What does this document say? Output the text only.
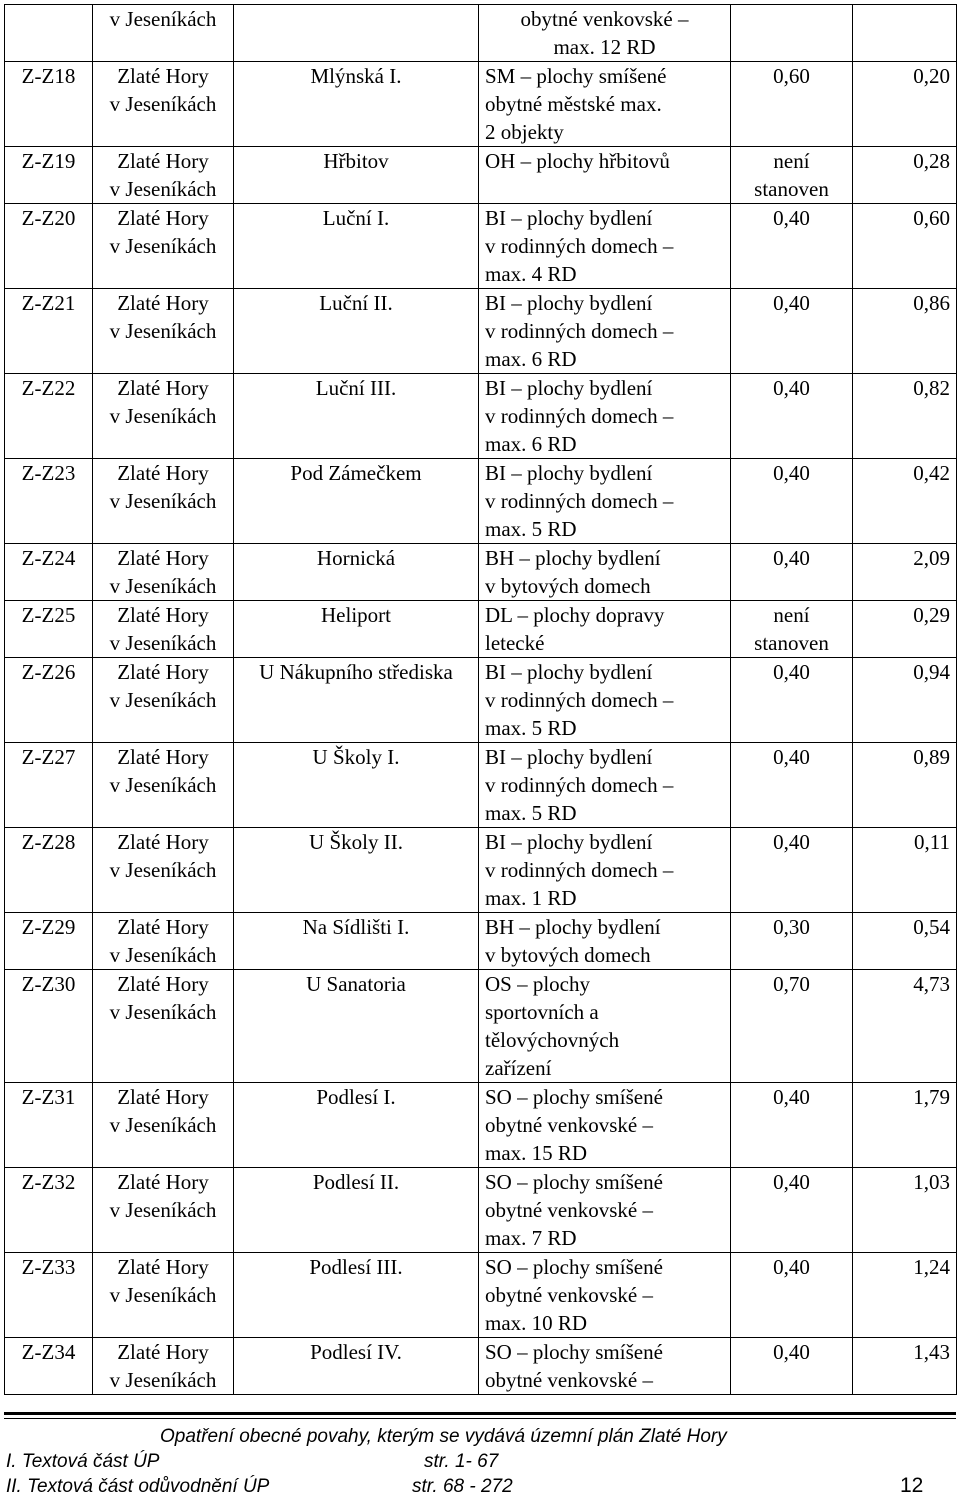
	v Jeseníkách		obytné venkovské –
max. 12 RD		
Z-Z18	Zlaté Hory
v Jeseníkách	Mlýnská I.	SM – plochy smíšené
obytné městské max.
2 objekty	0,60	0,20
Z-Z19	Zlaté Hory
v Jeseníkách	Hřbitov	OH – plochy hřbitovů	není
stanoven	0,28
Z-Z20	Zlaté Hory
v Jeseníkách	Luční I.	BI – plochy bydlení
v rodinných domech –
max. 4 RD	0,40	0,60
Z-Z21	Zlaté Hory
v Jeseníkách	Luční II.	BI – plochy bydlení
v rodinných domech –
max. 6 RD	0,40	0,86
Z-Z22	Zlaté Hory
v Jeseníkách	Luční III.	BI – plochy bydlení
v rodinných domech –
max. 6 RD	0,40	0,82
Z-Z23	Zlaté Hory
v Jeseníkách	Pod Zámečkem	BI – plochy bydlení
v rodinných domech –
max. 5 RD	0,40	0,42
Z-Z24	Zlaté Hory
v Jeseníkách	Hornická	BH – plochy bydlení
v bytových domech	0,40	2,09
Z-Z25	Zlaté Hory
v Jeseníkách	Heliport	DL – plochy dopravy
letecké	není
stanoven	0,29
Z-Z26	Zlaté Hory
v Jeseníkách	U Nákupního střediska	BI – plochy bydlení
v rodinných domech –
max. 5 RD	0,40	0,94
Z-Z27	Zlaté Hory
v Jeseníkách	U Školy I.	BI – plochy bydlení
v rodinných domech –
max. 5 RD	0,40	0,89
Z-Z28	Zlaté Hory
v Jeseníkách	U Školy II.	BI – plochy bydlení
v rodinných domech –
max. 1 RD	0,40	0,11
Z-Z29	Zlaté Hory
v Jeseníkách	Na Sídlišti I.	BH – plochy bydlení
v bytových domech	0,30	0,54
Z-Z30	Zlaté Hory
v Jeseníkách	U Sanatoria	OS – plochy
sportovních a
tělovýchovných
zařízení	0,70	4,73
Z-Z31	Zlaté Hory
v Jeseníkách	Podlesí I.	SO – plochy smíšené
obytné venkovské –
max. 15 RD	0,40	1,79
Z-Z32	Zlaté Hory
v Jeseníkách	Podlesí II.	SO – plochy smíšené
obytné venkovské –
max. 7 RD	0,40	1,03
Z-Z33	Zlaté Hory
v Jeseníkách	Podlesí III.	SO – plochy smíšené
obytné venkovské –
max. 10 RD	0,40	1,24
Z-Z34	Zlaté Hory
v Jeseníkách	Podlesí IV.	SO – plochy smíšené
obytné venkovské –	0,40	1,43
Opatření obecné povahy, kterým se vydává územní plán Zlaté Hory
I. Textová část ÚP	str. 1- 67
II. Textová část odůvodnění ÚP	str. 68 - 272	12
